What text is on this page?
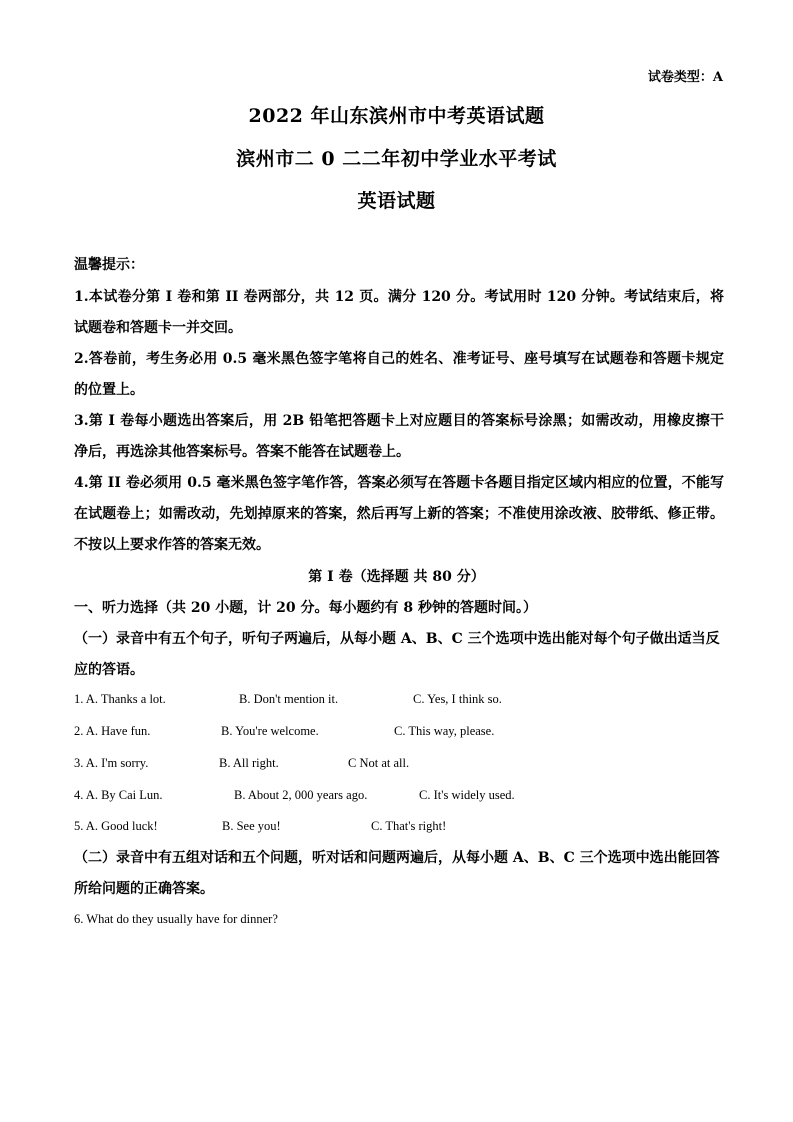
试卷类型：A
2022 年山东滨州市中考英语试题
滨州市二 0 二二年初中学业水平考试
英语试题
温馨提示：

1.本试卷分第 I 卷和第 II 卷两部分，共 12 页。满分 120 分。考试用时 120 分钟。考试结束后，将试题卷和答题卡一并交回。

2.答卷前，考生务必用 0.5 毫米黑色签字笔将自己的姓名、准考证号、座号填写在试题卷和答题卡规定的位置上。

3.第 I 卷每小题选出答案后，用 2B 铅笔把答题卡上对应题目的答案标号涂黑；如需改动，用橡皮擦干净后，再选涂其他答案标号。答案不能答在试题卷上。

4.第 II 卷必须用 0.5 毫米黑色签字笔作答，答案必须写在答题卡各题目指定区域内相应的位置，不能写在试题卷上；如需改动，先划掉原来的答案，然后再写上新的答案；不准使用涂改液、胶带纸、修正带。不按以上要求作答的答案无效。

第 I 卷（选择题 共 80 分）
一、听力选择（共 20 小题，计 20 分。每小题约有 8 秒钟的答题时间。）
（一）录音中有五个句子，听句子两遍后，从每小题 A、B、C 三个选项中选出能对每个句子做出适当反应的答语。
1. A. Thanks a lot.	B. Don't mention it.	C. Yes, I think so.
2. A. Have fun.	B. You're welcome.	C. This way, please.
3. A. I'm sorry.	B. All right.	C Not at all.
4. A. By Cai Lun.	B. About 2, 000 years ago.	C. It's widely used.
5. A. Good luck!	B. See you!	C. That's right!
（二）录音中有五组对话和五个问题，听对话和问题两遍后，从每小题 A、B、C 三个选项中选出能回答所给问题的正确答案。
6. What do they usually have for dinner?
